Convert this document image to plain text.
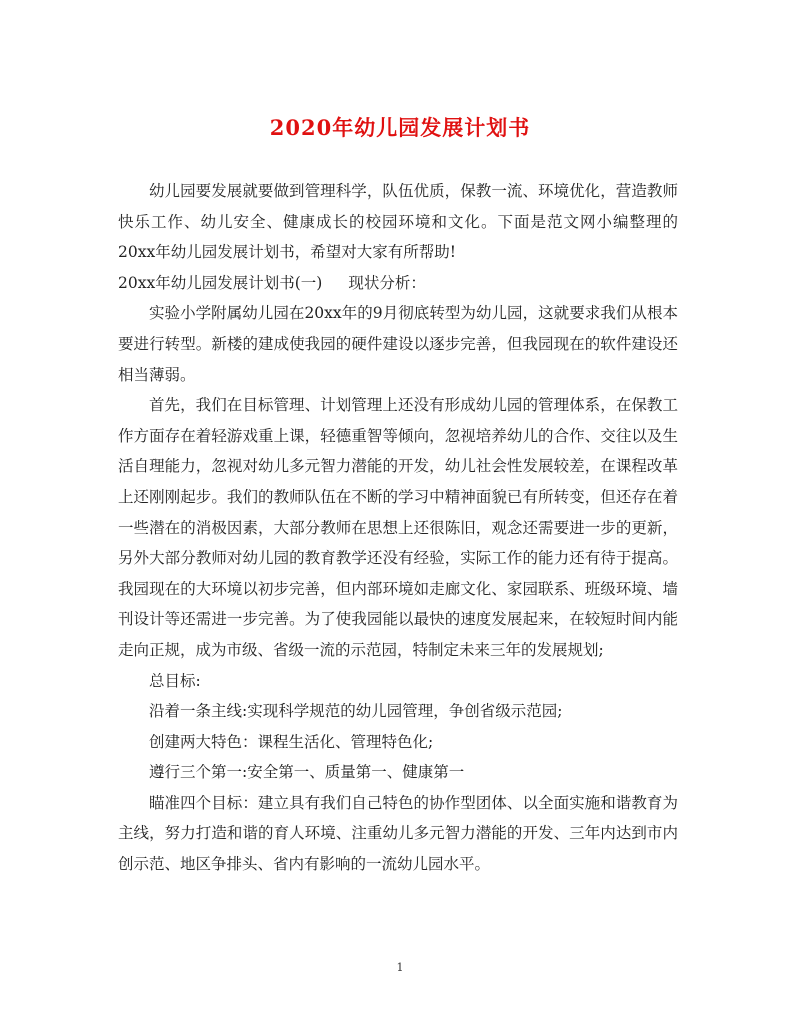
2020年幼儿园发展计划书

幼儿园要发展就要做到管理科学，队伍优质，保教一流、环境优化，营造教师快乐工作、幼儿安全、健康成长的校园环境和文化。下面是范文网小编整理的20xx年幼儿园发展计划书，希望对大家有所帮助!

20xx年幼儿园发展计划书(一) 现状分析：

实验小学附属幼儿园在20xx年的9月彻底转型为幼儿园，这就要求我们从根本要进行转型。新楼的建成使我园的硬件建设以逐步完善，但我园现在的软件建设还相当薄弱。

首先，我们在目标管理、计划管理上还没有形成幼儿园的管理体系，在保教工作方面存在着轻游戏重上课，轻德重智等倾向，忽视培养幼儿的合作、交往以及生活自理能力，忽视对幼儿多元智力潜能的开发，幼儿社会性发展较差，在课程改革上还刚刚起步。我们的教师队伍在不断的学习中精神面貌已有所转变，但还存在着一些潜在的消极因素，大部分教师在思想上还很陈旧，观念还需要进一步的更新，另外大部分教师对幼儿园的教育教学还没有经验，实际工作的能力还有待于提高。我园现在的大环境以初步完善，但内部环境如走廊文化、家园联系、班级环境、墙刊设计等还需进一步完善。为了使我园能以最快的速度发展起来，在较短时间内能走向正规，成为市级、省级一流的示范园，特制定未来三年的发展规划;

总目标:

沿着一条主线:实现科学规范的幼儿园管理，争创省级示范园;

创建两大特色：课程生活化、管理特色化;

遵行三个第一:安全第一、质量第一、健康第一

瞄准四个目标：建立具有我们自己特色的协作型团体、以全面实施和谐教育为主线，努力打造和谐的育人环境、注重幼儿多元智力潜能的开发、三年内达到市内创示范、地区争排头、省内有影响的一流幼儿园水平。

1
